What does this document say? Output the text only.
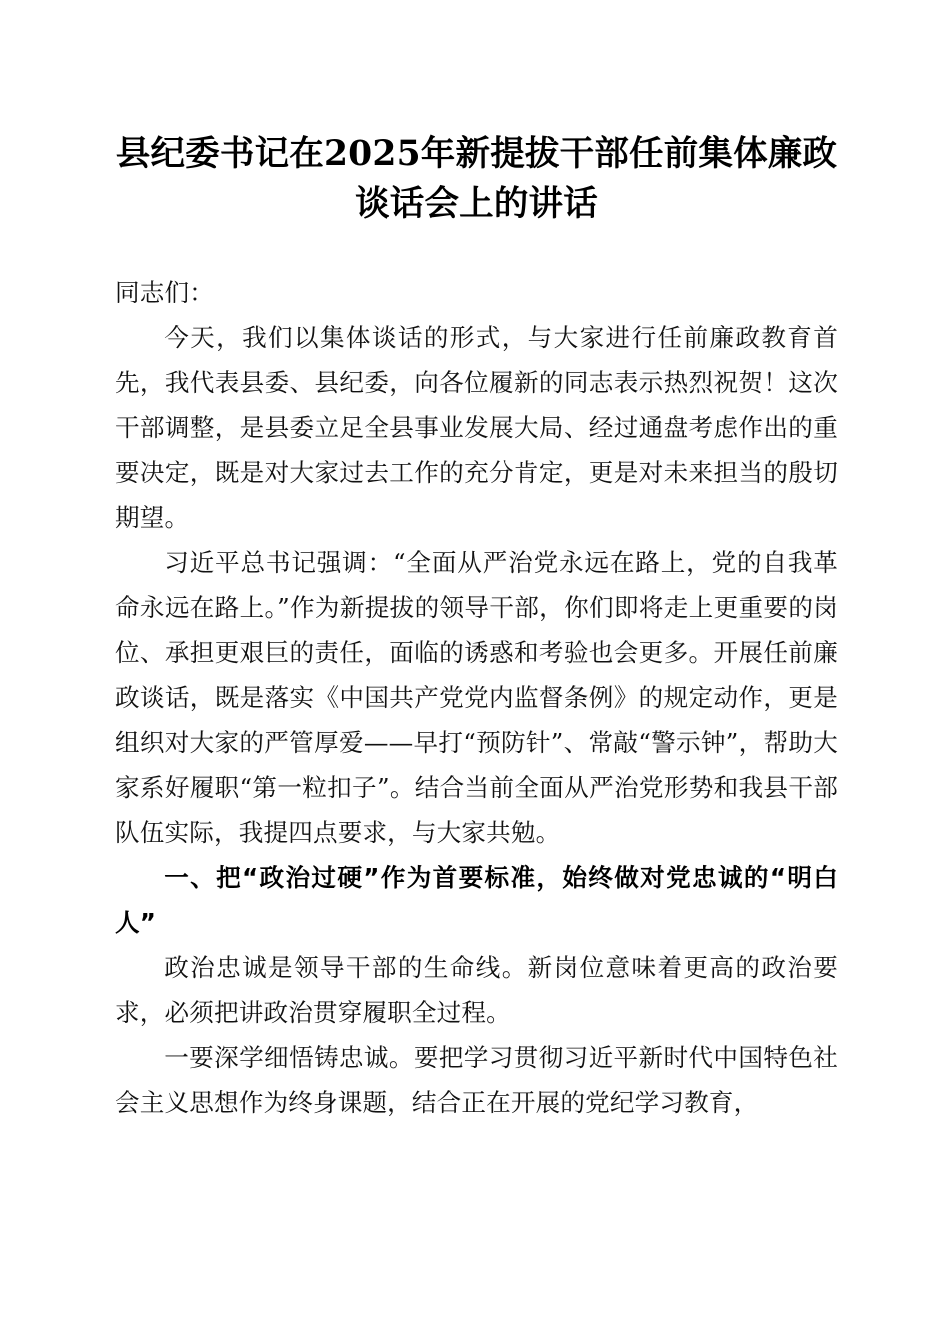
县纪委书记在2025年新提拔干部任前集体廉政谈话会上的讲话

同志们：

今天，我们以集体谈话的形式，与大家进行任前廉政教育首先，我代表县委、县纪委，向各位履新的同志表示热烈祝贺！这次干部调整，是县委立足全县事业发展大局、经过通盘考虑作出的重要决定，既是对大家过去工作的充分肯定，更是对未来担当的殷切期望。

习近平总书记强调：“全面从严治党永远在路上，党的自我革命永远在路上。”作为新提拔的领导干部，你们即将走上更重要的岗位、承担更艰巨的责任，面临的诱惑和考验也会更多。开展任前廉政谈话，既是落实《中国共产党党内监督条例》的规定动作，更是组织对大家的严管厚爱——早打“预防针”、常敲“警示钟”，帮助大家系好履职“第一粒扣子”。结合当前全面从严治党形势和我县干部队伍实际，我提四点要求，与大家共勉。

一、把“政治过硬”作为首要标准，始终做对党忠诚的“明白人”

政治忠诚是领导干部的生命线。新岗位意味着更高的政治要求，必须把讲政治贯穿履职全过程。

一要深学细悟铸忠诚。要把学习贯彻习近平新时代中国特色社会主义思想作为终身课题，结合正在开展的党纪学习教育，
